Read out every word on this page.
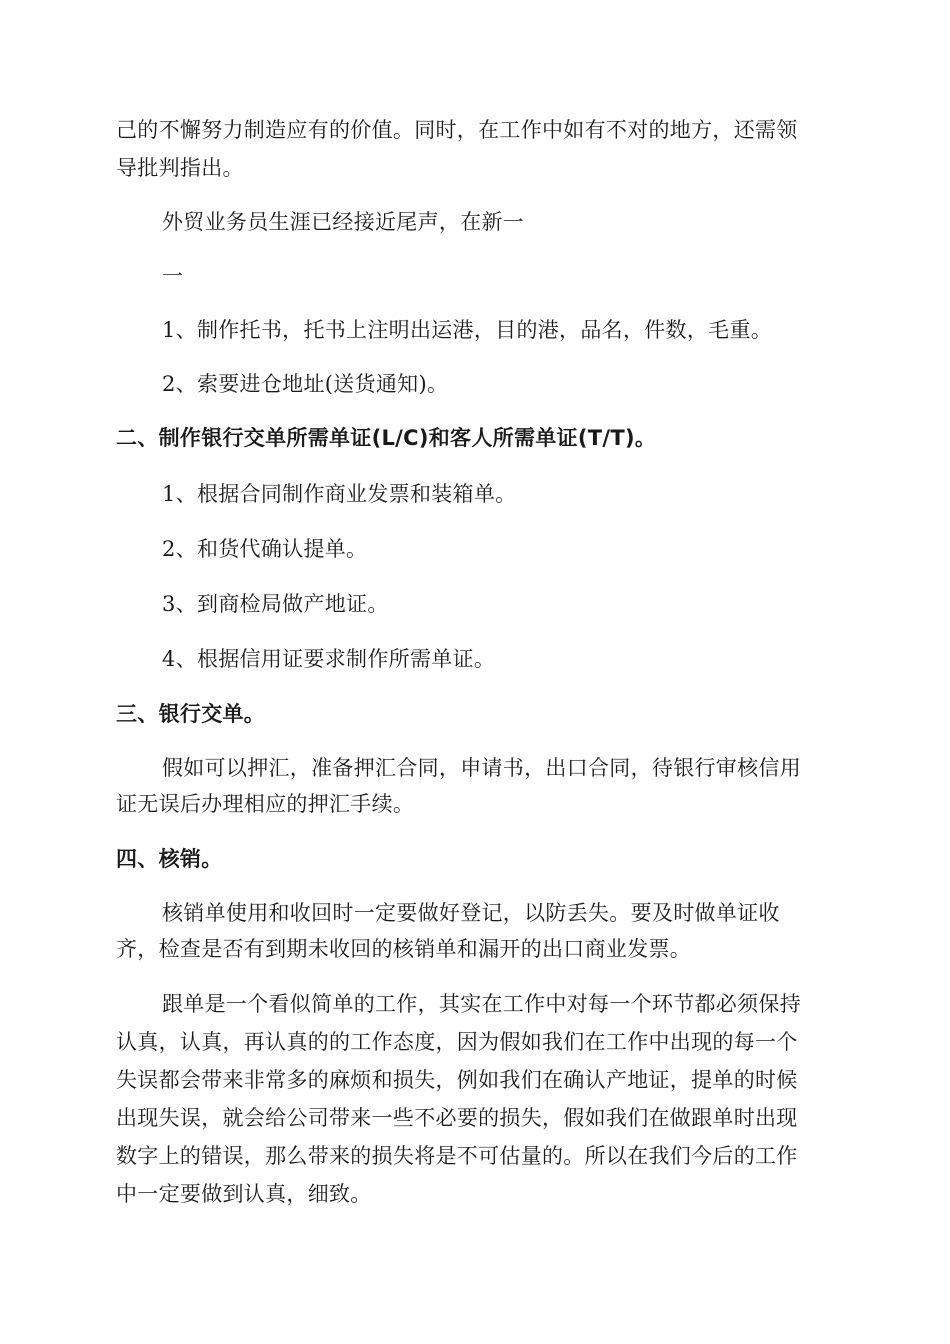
己的不懈努力制造应有的价值。同时，在工作中如有不对的地方，还需领
导批判指出。
外贸业务员生涯已经接近尾声，在新一
一
1、制作托书，托书上注明出运港，目的港，品名，件数，毛重。
2、索要进仓地址(送货通知)。
二、制作银行交单所需单证(L/C)和客人所需单证(T/T)。
1、根据合同制作商业发票和装箱单。
2、和货代确认提单。
3、到商检局做产地证。
4、根据信用证要求制作所需单证。
三、银行交单。
假如可以押汇，准备押汇合同，申请书，出口合同，待银行审核信用
证无误后办理相应的押汇手续。
四、核销。
核销单使用和收回时一定要做好登记，以防丢失。要及时做单证收
齐，检查是否有到期未收回的核销单和漏开的出口商业发票。
跟单是一个看似简单的工作，其实在工作中对每一个环节都必须保持
认真，认真，再认真的的工作态度，因为假如我们在工作中出现的每一个
失误都会带来非常多的麻烦和损失，例如我们在确认产地证，提单的时候
出现失误，就会给公司带来一些不必要的损失，假如我们在做跟单时出现
数字上的错误，那么带来的损失将是不可估量的。所以在我们今后的工作
中一定要做到认真，细致。
